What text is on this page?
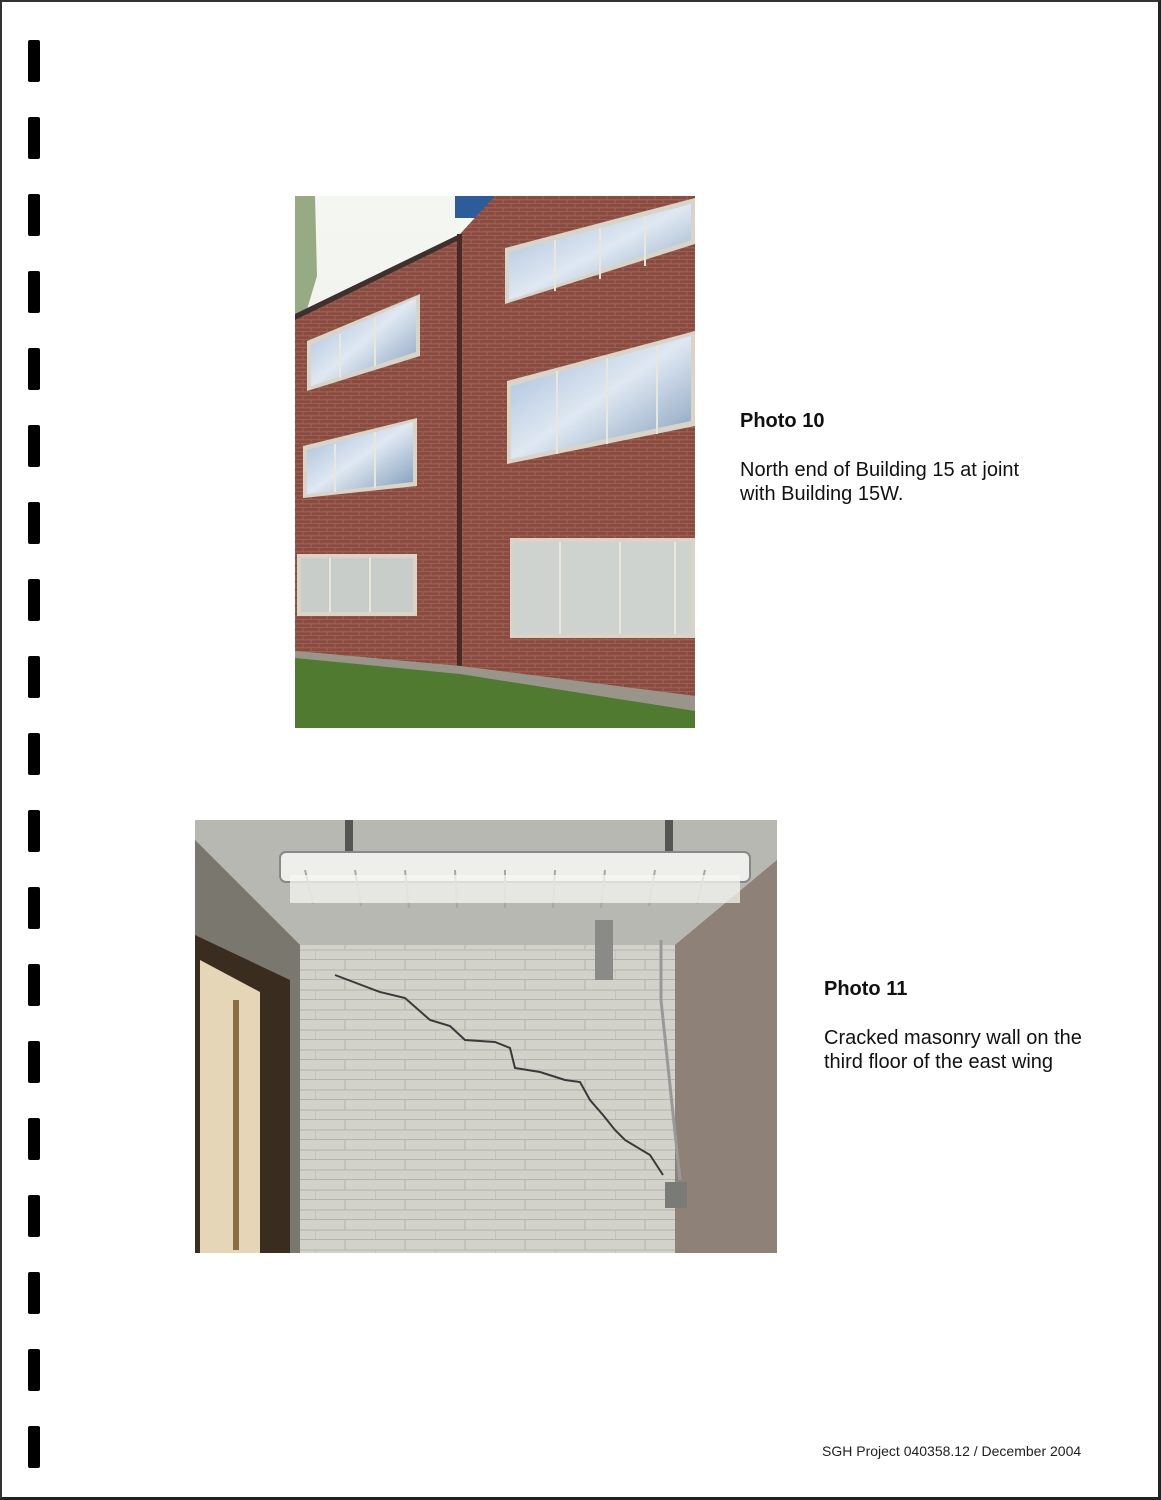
Photo 10
North end of Building 15 at joint with Building 15W.
Photo 11
Cracked masonry wall on the third floor of the east wing
SGH Project 040358.12 / December 2004
